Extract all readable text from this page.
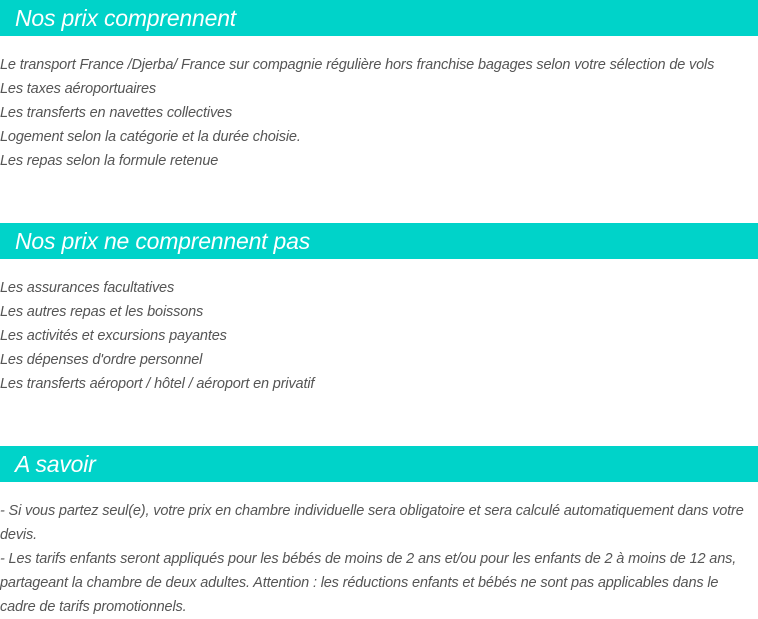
Nos prix comprennent
Le transport France /Djerba/ France sur compagnie régulière hors franchise bagages selon votre sélection de vols
Les taxes aéroportuaires
Les transferts en navettes collectives
Logement selon la catégorie et la durée choisie.
Les repas selon la formule retenue
Nos prix ne comprennent pas
Les assurances facultatives
Les autres repas et les boissons
Les activités et excursions payantes
Les dépenses d'ordre personnel
Les transferts aéroport / hôtel / aéroport en privatif
A savoir

- Si vous partez seul(e), votre prix en chambre individuelle sera obligatoire et sera calculé automatiquement dans votre devis.

- Les tarifs enfants seront appliqués pour les bébés de moins de 2 ans et/ou pour les enfants de 2 à moins de 12 ans, partageant la chambre de deux adultes. Attention : les réductions enfants et bébés ne sont pas applicables dans le cadre de tarifs promotionnels.
